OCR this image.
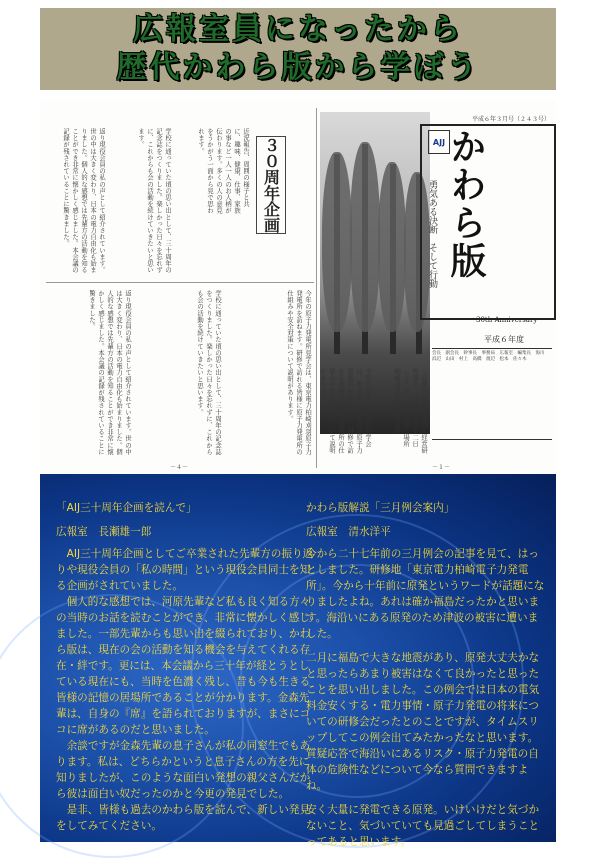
広報室員になったから
歴代かわら版から学ぼう
平成６年３月号（２４３号）
返り現役会員の私の声として紹介されています。世の中は大きく変わり、日本の電力自由化も始まりました。個人的な感想では先輩方の活動を知ることができ非常に懐かしく感じました。本会議の記録が残されていることに驚きました。	学校に通っていた頃の思い出として、三十周年の記念誌をつくりました。楽しかった日々を忘れずに、これからも会の活動を続けていきたいと思います。	近況報告、周囲の様子と共に、趣味、健康、仕事、家族の事など一人一人のお人柄が伝わります。多くの人の意見をうかがう一面から見で思われます。	３０周年企画
返り現役会員の私の声として紹介されています。世の中は大きく変わり、日本の電力自由化も始まりました。個人的な感想では先輩方の活動を知ることができ非常に懐かしく感じました。本会議の記録が残されていることに驚きました。	学校に通っていた頃の思い出として、三十周年の記念誌をつくりました。楽しかった日々を忘れずに、これからも会の活動を続けていきたいと思います。	今年の原子力発電所見学会は、東京電力柏崎刈羽原子力発電所を訪ねます。研修で訪れる皆様に原子力発電所の仕組みや安全対策について説明があります。
－４－
AJJ
勇気ある決断　そして行動 かわら版
30th Anniversary
平成６年度
会長　副会長　幹事長　事務局　広報室　編集長　海川　浜辺　山田　村上　高橋　渡辺　松本　佐々木
今年の原子力発電所見学会は、東京電力柏崎刈羽原子力発電所を訪ねます。研修で訪れる皆様に原子力発電所の仕組みや安全対策について説明があります。	三月例会案内　関西・経営研究部会　日時　三月十二日（土）十三時　午後　場所　柏崎刈羽原子力発電所
－１－

「AIJ三十周年企画を読んで」

広報室　長瀬雄一郎

　AIJ三十周年企画としてご卒業された先輩方の振り返りや現役会員の「私の時間」という現役会員同士を知る企画がされていました。

　個人的な感想では、河原先輩など私も良く知る方々の当時のお話を読むことができ、非常に懐かしく感じました。一部先輩からも思い出を綴られており、かわら版は、現在の会の活動を知る機会を与えてくれる存在・絆です。更には、本会議から三十年が経とうとしている現在にも、当時を色濃く残し、昔も今も生きる皆様の記憶の居場所であることが分かります。金森先輩は、自身の『席』を語られておりますが、まさにココに席があるのだと思いました。

　余談ですが金森先輩の息子さんが私の同窓生でもあります。私は、どちらかというと息子さんの方を先に知りましたが、このような面白い発想の親父さんだから彼は面白い奴だったのかと今更の発見でした。

　是非、皆様も過去のかわら版を読んで、新しい発見をしてみてください。

かわら版解説「三月例会案内」

広報室　清水洋平

今から二十七年前の三月例会の記事を見て、はっとしました。研修地「東京電力柏崎電子力発電所」。今から十年前に原発というワードが話題になりましたよね。あれは確か福島だったかと思います。海沿いにある原発のため津波の被害に遭いました。

二月に福島で大きな地震があり、原発大丈夫かなと思ったらあまり被害はなくて良かったと思ったことを思い出しました。この例会では日本の電気料金安くする・電力事情・原子力発電の将来についての研修会だったとのことですが、タイムスリップしてこの例会出てみたかったなと思います。質疑応答で海沿いにあるリスク・原子力発電の自体の危険性などについて今なら質問できますよね。

安く大量に発電できる原発。いけいけだと気づかないこと、気づいていても見過ごしてしまうことってあると思います。
